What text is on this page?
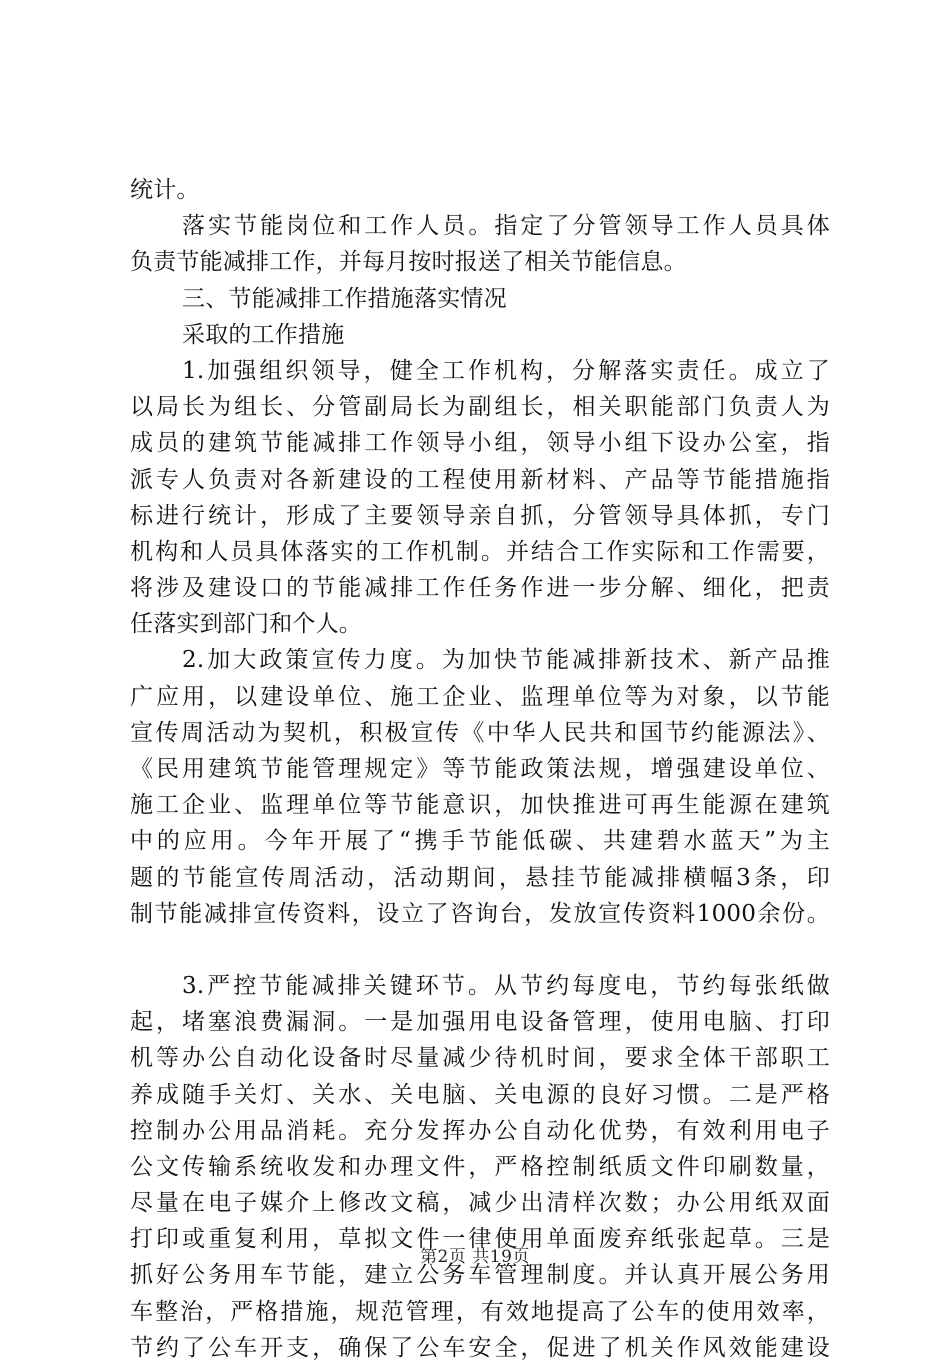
统计。
落实节能岗位和工作人员。指定了分管领导工作人员具体
负责节能减排工作，并每月按时报送了相关节能信息。
三、节能减排工作措施落实情况
采取的工作措施
1.加强组织领导，健全工作机构，分解落实责任。成立了
以局长为组长、分管副局长为副组长，相关职能部门负责人为
成员的建筑节能减排工作领导小组，领导小组下设办公室，指
派专人负责对各新建设的工程使用新材料、产品等节能措施指
标进行统计，形成了主要领导亲自抓，分管领导具体抓，专门
机构和人员具体落实的工作机制。并结合工作实际和工作需要，
将涉及建设口的节能减排工作任务作进一步分解、细化，把责
任落实到部门和个人。
2.加大政策宣传力度。为加快节能减排新技术、新产品推
广应用，以建设单位、施工企业、监理单位等为对象，以节能
宣传周活动为契机，积极宣传《中华人民共和国节约能源法》、
《民用建筑节能管理规定》等节能政策法规，增强建设单位、
施工企业、监理单位等节能意识，加快推进可再生能源在建筑
中的应用。今年开展了“携手节能低碳、共建碧水蓝天”为主
题的节能宣传周活动，活动期间，悬挂节能减排横幅3条，印
制节能减排宣传资料，设立了咨询台，发放宣传资料1000余份。
3.严控节能减排关键环节。从节约每度电，节约每张纸做
起，堵塞浪费漏洞。一是加强用电设备管理，使用电脑、打印
机等办公自动化设备时尽量减少待机时间，要求全体干部职工
养成随手关灯、关水、关电脑、关电源的良好习惯。二是严格
控制办公用品消耗。充分发挥办公自动化优势，有效利用电子
公文传输系统收发和办理文件，严格控制纸质文件印刷数量，
尽量在电子媒介上修改文稿，减少出清样次数；办公用纸双面
打印或重复利用，草拟文件一律使用单面废弃纸张起草。三是
抓好公务用车节能，建立公务车管理制度。并认真开展公务用
车整治，严格措施，规范管理，有效地提高了公车的使用效率，
节约了公车开支，确保了公车安全，促进了机关作风效能建设
第2页 共19页
